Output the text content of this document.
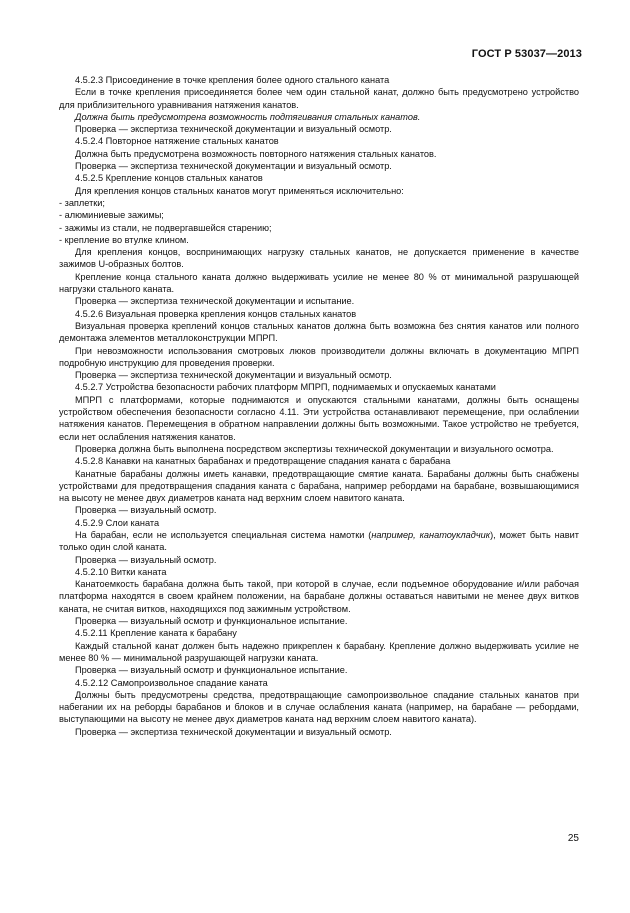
ГОСТ Р 53037—2013

4.5.2.3 Присоединение в точке крепления более одного стального каната

Если в точке крепления присоединяется более чем один стальной канат, должно быть предусмотрено устройство для приблизительного уравнивания натяжения канатов.

Должна быть предусмотрена возможность подтягивания стальных канатов.

Проверка — экспертиза технической документации и визуальный осмотр.

4.5.2.4 Повторное натяжение стальных канатов

Должна быть предусмотрена возможность повторного натяжения стальных канатов.

Проверка — экспертиза технической документации и визуальный осмотр.

4.5.2.5 Крепление концов стальных канатов

Для крепления концов стальных канатов могут применяться исключительно:

- заплетки;

- алюминиевые зажимы;

- зажимы из стали, не подвергавшейся старению;

- крепление во втулке клином.

Для крепления концов, воспринимающих нагрузку стальных канатов, не допускается применение в качестве зажимов U-образных болтов.

Крепление конца стального каната должно выдерживать усилие не менее 80 % от минимальной разрушающей нагрузки стального каната.

Проверка — экспертиза технической документации и испытание.

4.5.2.6 Визуальная проверка крепления концов стальных канатов

Визуальная проверка креплений концов стальных канатов должна быть возможна без снятия канатов или полного демонтажа элементов металлоконструкции МПРП.

При невозможности использования смотровых люков производители должны включать в документацию МПРП подробную инструкцию для проведения проверки.

Проверка — экспертиза технической документации и визуальный осмотр.

4.5.2.7 Устройства безопасности рабочих платформ МПРП, поднимаемых и опускаемых канатами

МПРП с платформами, которые поднимаются и опускаются стальными канатами, должны быть оснащены устройством обеспечения безопасности согласно 4.11. Эти устройства останавливают перемещение, при ослаблении натяжения канатов. Перемещения в обратном направлении должны быть возможными. Такое устройство не требуется, если нет ослабления натяжения канатов.

Проверка должна быть выполнена посредством экспертизы технической документации и визуального осмотра.

4.5.2.8 Канавки на канатных барабанах и предотвращение спадания каната с барабана

Канатные барабаны должны иметь канавки, предотвращающие смятие каната. Барабаны должны быть снабжены устройствами для предотвращения спадания каната с барабана, например ребордами на барабане, возвышающимися на высоту не менее двух диаметров каната над верхним слоем навитого каната.

Проверка — визуальный осмотр.

4.5.2.9 Слои каната

На барабан, если не используется специальная система намотки (например, канатоукладчик), может быть навит только один слой каната.

Проверка — визуальный осмотр.

4.5.2.10 Витки каната

Канатоемкость барабана должна быть такой, при которой в случае, если подъемное оборудование и/или рабочая платформа находятся в своем крайнем положении, на барабане должны оставаться навитыми не менее двух витков каната, не считая витков, находящихся под зажимным устройством.

Проверка — визуальный осмотр и функциональное испытание.

4.5.2.11 Крепление каната к барабану

Каждый стальной канат должен быть надежно прикреплен к барабану. Крепление должно выдерживать усилие не менее 80 % — минимальной разрушающей нагрузки каната.

Проверка — визуальный осмотр и функциональное испытание.

4.5.2.12 Самопроизвольное спадание каната

Должны быть предусмотрены средства, предотвращающие самопроизвольное спадание стальных канатов при набегании их на реборды барабанов и блоков и в случае ослабления каната (например, на барабане — ребордами, выступающими на высоту не менее двух диаметров каната над верхним слоем навитого каната).

Проверка — экспертиза технической документации и визуальный осмотр.

25
